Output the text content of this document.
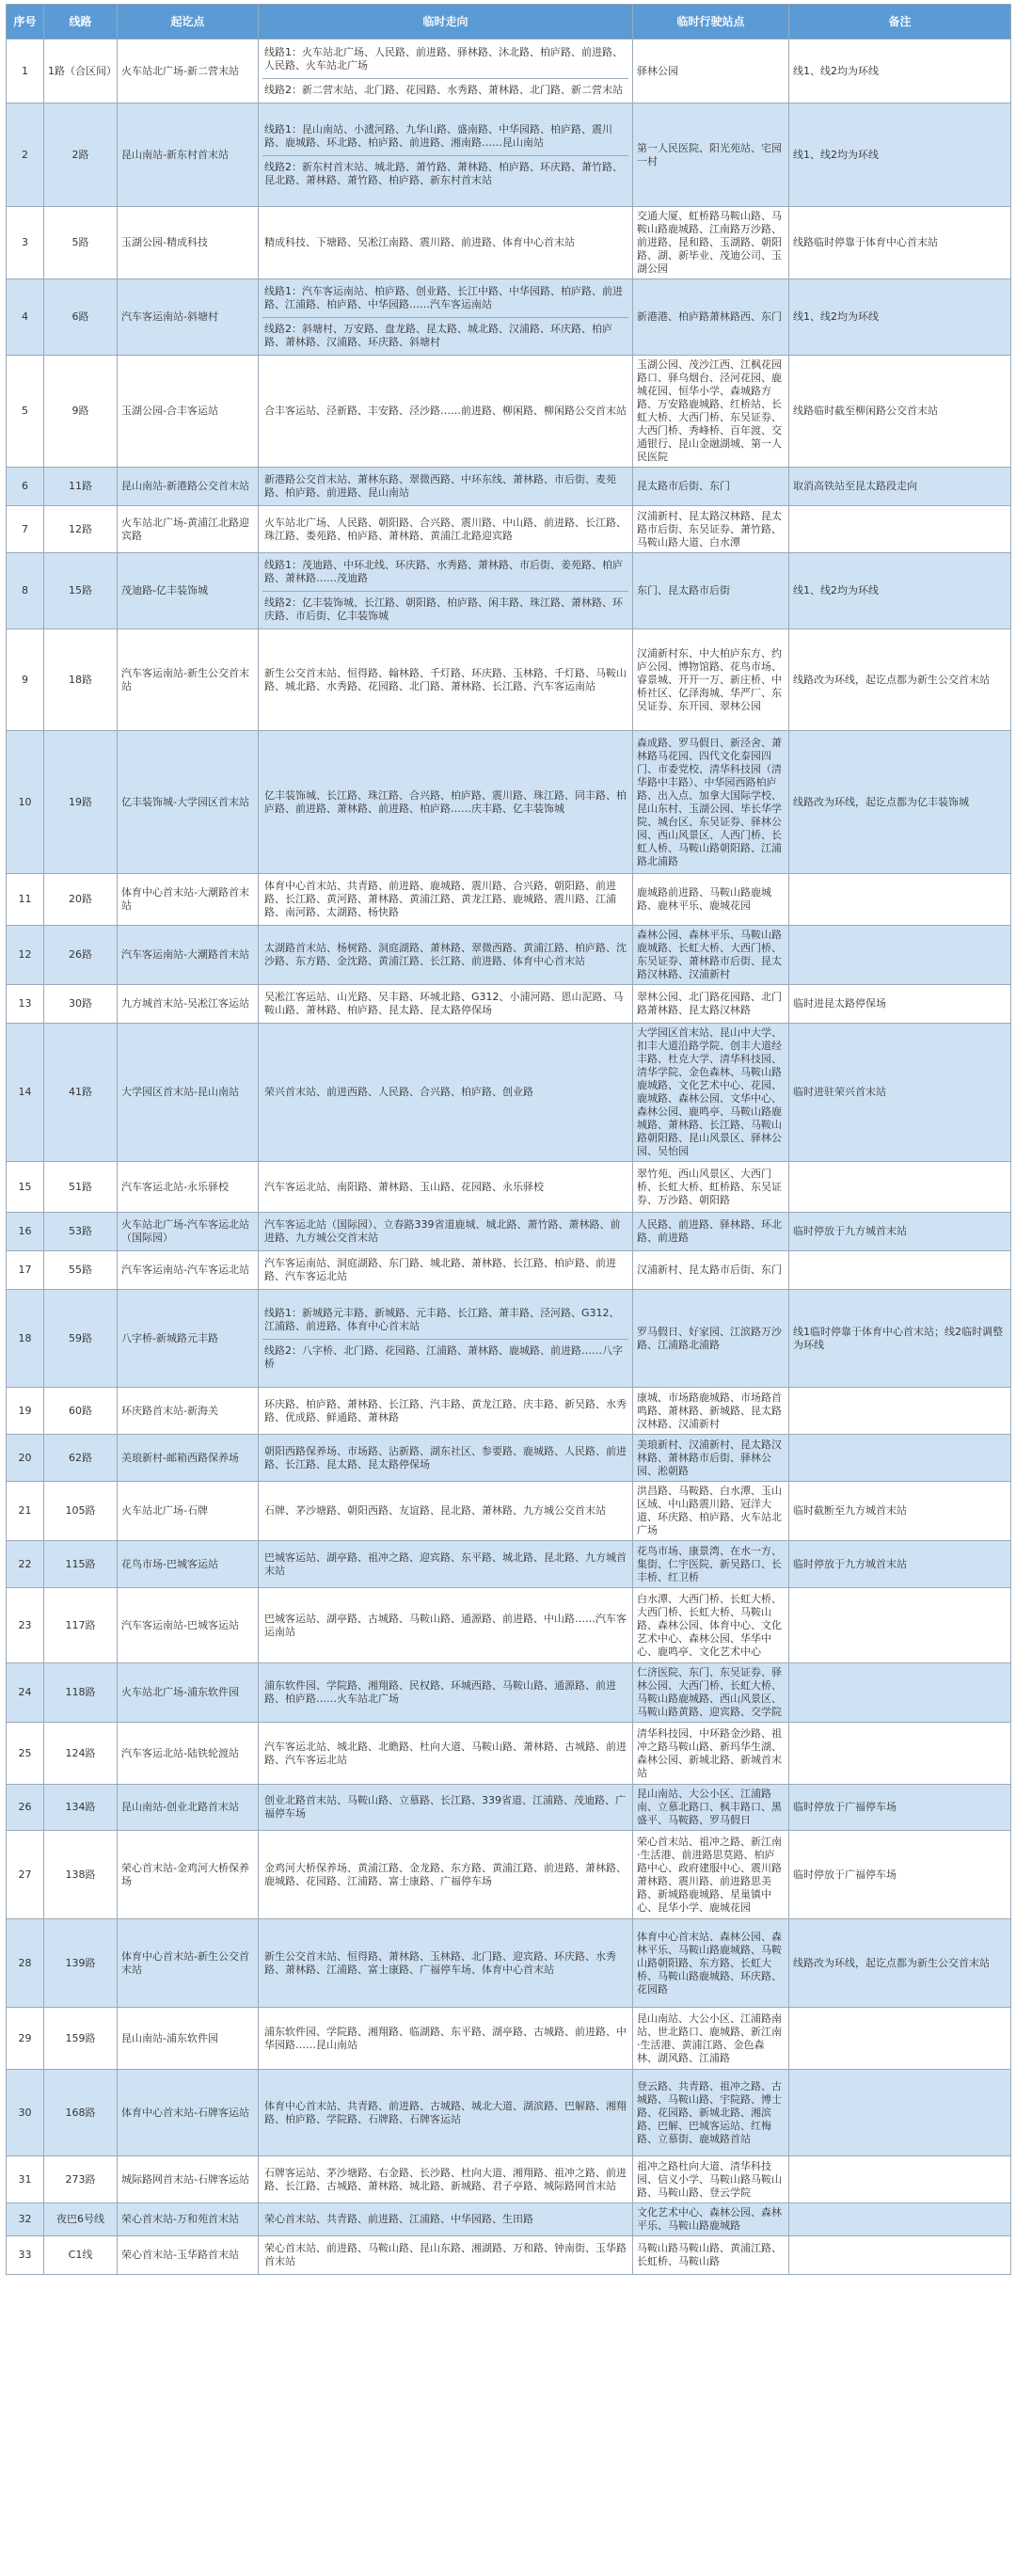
序号	线路	起讫点	临时走向	临时行驶站点	备注
1	1路（合区间）	火车站北广场-新二营末站	线路1：火车站北广场、人民路、前进路、驿林路、沐北路、柏庐路、前进路、人民路、火车站北广场
线路2：新二营末站、北门路、花园路、水秀路、萧林路、北门路、新二营末站	驿林公园	线1、线2均为环线
2	2路	昆山南站-新东村首末站	线路1：昆山南站、小澞河路、九华山路、盛南路、中华园路、柏庐路、震川路、鹿城路、环北路、柏庐路、前进路、湘南路……昆山南站
线路2：新东村首末站、城北路、萧竹路、萧林路、柏庐路、环庆路、萧竹路、昆北路、萧林路、萧竹路、柏庐路、新东村首末站	第一人民医院、阳光苑站、宅园一村	线1、线2均为环线
3	5路	玉湖公园-精成科技	精成科技、下塘路、吴凇江南路、震川路、前进路、体育中心首末站	交通大厦、虹桥路马鞍山路、马鞍山路鹿城路、江南路万沙路、前进路、昆和路、玉湖路、朝阳路、湖、新毕业、茂迪公司、玉湖公园	线路临时停靠于体育中心首末站
4	6路	汽车客运南站-斜塘村	线路1：汽车客运南站、柏庐路、创业路、长江中路、中华园路、柏庐路、前进路、江浦路、柏庐路、中华园路……汽车客运南站
线路2：斜塘村、万安路、盘龙路、昆太路、城北路、汉浦路、环庆路、柏庐路、萧林路、汉浦路、环庆路、斜塘村	新港港、柏庐路萧林路西、东门	线1、线2均为环线
5	9路	玉湖公园-合丰客运站	合丰客运站、泾新路、丰安路、泾沙路……前进路、柳闲路、柳闲路公交首末站	玉湖公园、茂沙江西、江枫花园路口、驿乌烟台、泾河花园、鹿城花园、恒华小学、森城路方路、万安路鹿城路、红桥站、长虹大桥、大西门桥、东吴证券、大西门桥、秀峰桥、百年渡、交通银行、昆山金融湖城、第一人民医院	线路临时截至柳闲路公交首末站
6	11路	昆山南站-新港路公交首末站	新港路公交首末站、萧林东路、翠微西路、中环东线、萧林路、市后街、麦苑路、柏庐路、前进路、昆山南站	昆太路市后街、东门	取消高铁站至昆太路段走向
7	12路	火车站北广场-黄浦江北路迎宾路	火车站北广场、人民路、朝阳路、合兴路、震川路、中山路、前进路、长江路、珠江路、娄苑路、柏庐路、萧林路、黄浦江北路迎宾路	汉浦新村、昆太路汉林路、昆太路市后街、东吴证券、萧竹路、马鞍山路大道、白水潭	
8	15路	茂迪路-亿丰装饰城	线路1：茂迪路、中环北线、环庆路、水秀路、萧林路、市后街、姜苑路、柏庐路、萧林路……茂迪路
线路2：亿丰装饰城、长江路、朝阳路、柏庐路、闲丰路、珠江路、萧林路、环庆路、市后街、亿丰装饰城	东门、昆太路市后街	线1、线2均为环线
9	18路	汽车客运南站-新生公交首末站	新生公交首末站、恒得路、翰林路、千灯路、环庆路、玉林路、千灯路、马鞍山路、城北路、水秀路、花园路、北门路、萧林路、长江路、汽车客运南站	汉浦新村东、中大柏庐东方、约庐公园、博物馆路、花鸟市场、睿景城、开开一万、新庄桥、中桥社区、亿泽海城、华严厂、东吴证券、东开园、翠林公园	线路改为环线，起讫点都为新生公交首末站
10	19路	亿丰装饰城-大学园区首末站	亿丰装饰城、长江路、珠江路、合兴路、柏庐路、震川路、珠江路、同丰路、柏庐路、前进路、萧林路、前进路、柏庐路……庆丰路、亿丰装饰城	森成路、罗马假日、新泾舍、萧林路马花园、四代文化泰园四门、市委党校、清华科技园（清华路中丰路）、中华园西路柏庐路、出入点、加拿大国际学校、昆山东村、玉湖公园、毕长华学院、城台区、东吴证券、驿林公园、西山风景区、人西门桥、长虹人桥、马鞍山路朝阳路、江浦路北浦路	线路改为环线，起讫点都为亿丰装饰城
11	20路	体育中心首末站-大潮路首末站	体育中心首末站、共青路、前进路、鹿城路、震川路、合兴路、朝阳路、前进路、长江路、黄河路、萧林路、黄浦江路、黄龙江路、鹿城路、震川路、江浦路、南河路、太湖路、杨快路	鹿城路前进路、马鞍山路鹿城路、鹿林平乐、鹿城花园	
12	26路	汽车客运南站-大潮路首末站	太湖路首末站、杨树路、洞庭湖路、萧林路、翠微西路、黄浦江路、柏庐路、沈沙路、东方路、金沈路、黄浦江路、长江路、前进路、体育中心首末站	森林公园、森林平乐、马鞍山路鹿城路、长虹大桥、大西门桥、东吴证券、萧林路市后街、昆太路汉林路、汉浦新村	
13	30路	九方城首末站-吴凇江客运站	吴凇江客运站、山光路、吴丰路、环城北路、G312、小浦河路、恩山泥路、马鞍山路、萧林路、柏庐路、昆太路、昆太路停保场	翠林公园、北门路花园路、北门路萧林路、昆太路汉林路	临时进昆太路停保场
14	41路	大学园区首末站-昆山南站	荣兴首末站、前进西路、人民路、合兴路、柏庐路、创业路	大学园区首末站、昆山中大学、扣丰大道沿路学院、创丰大道经丰路、杜克大学、清华科技园、清华学院、金色森林、马鞍山路鹿城路、文化艺术中心、花园、鹿城路、森林公园、文华中心、森林公园、鹿鸣亭、马鞍山路鹿城路、萧林路、长江路、马鞍山路朝阳路、昆山风景区、驿林公园、吴怡园	临时进驻荣兴首末站
15	51路	汽车客运北站-永乐驿校	汽车客运北站、南阳路、萧林路、玉山路、花园路、永乐驿校	翠竹苑、西山风景区、大西门桥、长虹大桥、虹桥路、东吴证券、万沙路、朝阳路	
16	53路	火车站北广场-汽车客运北站（国际园）	汽车客运北站（国际园）、立春路339省道鹿城、城北路、萧竹路、萧林路、前进路、九方城公交首末站	人民路、前进路、驿林路、环北路、前进路	临时停放于九方城首末站
17	55路	汽车客运南站-汽车客运北站	汽车客运南站、洞庭湖路、东门路、城北路、萧林路、长江路、柏庐路、前进路、汽车客运北站	汉浦新村、昆太路市后街、东门	
18	59路	八字桥-新城路元丰路	线路1：新城路元丰路、新城路、元丰路、长江路、萧丰路、泾河路、G312、江浦路、前进路、体育中心首末站
线路2：八字桥、北门路、花园路、江浦路、萧林路、鹿城路、前进路……八字桥	罗马假日、好家园、江滨路万沙路、江浦路北浦路	线1临时停靠于体育中心首末站；线2临时调整为环线
19	60路	环庆路首末站-新海关	环庆路、柏庐路、萧林路、长江路、汽丰路、黄龙江路、庆丰路、新吴路、水秀路、优成路、鲜通路、萧林路	康城、市场路鹿城路、市场路首鸣路、萧林路、新城路、昆太路汉林路、汉浦新村	
20	62路	美琅新村-邮箱西路保养场	朝阳西路保养场、市场路、沾新路、湖东社区、参要路、鹿城路、人民路、前进路、长江路、昆太路、昆太路停保场	美琅新村、汉浦新村、昆太路汉林路、萧林路市后街、驿林公园、淞朝路	
21	105路	火车站北广场-石牌	石牌、茅沙塘路、朝阳西路、友谊路、昆北路、萧林路、九方城公交首末站	洪昌路、马鞍路、白水潭、玉山区域、中山路震川路、冠洋大道、环庆路、柏庐路、火车站北广场	临时截断至九方城首末站
22	115路	花鸟市场-巴城客运站	巴城客运站、湖亭路、祖冲之路、迎宾路、东平路、城北路、昆北路、九方城首末站	花鸟市场、康景湾、在水一方、集街、仁宇医院、新吴路口、长丰桥、红卫桥	临时停放于九方城首末站
23	117路	汽车客运南站-巴城客运站	巴城客运站、湖亭路、古城路、马鞍山路、通源路、前进路、中山路……汽车客运南站	白水潭、大西门桥、长虹大桥、大西门桥、长虹大桥、马鞍山路、森林公园、体育中心、文化艺术中心、森林公园、华华中心、鹿鸣亭、文化艺术中心	
24	118路	火车站北广场-浦东软件园	浦东软件园、学院路、湘翔路、民权路、环城西路、马鞍山路、通源路、前进路、柏庐路……火车站北广场	仁济医院、东门、东吴证券、驿林公园、大西门桥、长虹大桥、马鞍山路鹿城路、西山风景区、马鞍山路黄路、迎宾路、交学院	
25	124路	汽车客运北站-陆铁轮渡站	汽车客运北站、城北路、北瞻路、杜向大道、马鞍山路、萧林路、古城路、前进路、汽车客运北站	清华科技园、中环路金沙路、祖冲之路马鞍山路、新玛华生湖、森林公园、新城北路、新城首末站	
26	134路	昆山南站-创业北路首末站	创业北路首末站、马鞍山路、立慕路、长江路、339省道、江浦路、茂迪路、广福停车场	昆山南站、大公小区、江浦路南、立慕北路口、枫丰路口、黑盛平、马鞍路、罗马假日	临时停放于广福停车场
27	138路	荣心首末站-金鸡河大桥保养场	金鸡河大桥保养场、黄浦江路、金龙路、东方路、黄浦江路、前进路、萧林路、鹿城路、花园路、江浦路、富士康路、广福停车场	荣心首末站、祖冲之路、新江南·生活港、前进路思莫路、柏庐路中心、政府建服中心、震川路萧林路、震川路、前进路思美路、新城路鹿城路、星巢镇中心、昆华小学、鹿城花园	临时停放于广福停车场
28	139路	体育中心首末站-新生公交首末站	新生公交首末站、恒得路、萧林路、玉林路、北门路、迎宾路、环庆路、水秀路、萧林路、江浦路、富士康路、广福停车场、体育中心首末站	体育中心首末站、森林公园、森林平乐、马鞍山路鹿城路、马鞍山路朝阳路、东方路、长虹大桥、马鞍山路鹿城路、环庆路、花园路	线路改为环线，起讫点都为新生公交首末站
29	159路	昆山南站-浦东软件园	浦东软件园、学院路、湘翔路、临湖路、东平路、湖亭路、古城路、前进路、中华园路……昆山南站	昆山南站、大公小区、江浦路南站、世北路口、鹿城路、新江南·生活港、黄浦江路、金色森林、湖风路、江浦路	
30	168路	体育中心首末站-石牌客运站	体育中心首末站、共青路、前进路、古城路、城北大道、湖滨路、巴解路、湘翔路、柏庐路、学院路、石牌路、石牌客运站	登云路、共青路、祖冲之路、古城路、马鞍山路、宇院路、博士路、花园路、新城北路、湘滨路、巴解、巴城客运站、红梅路、立慕街、鹿城路首站	
31	273路	城际路网首末站-石牌客运站	石牌客运站、茅沙塘路、右金路、长沙路、杜向大道、湘翔路、祖冲之路、前进路、长江路、古城路、萧林路、城北路、新城路、君子亭路、城际路网首末站	祖冲之路杜向大道、清华科技园、信义小学、马鞍山路马鞍山路、马鞍山路、登云学院	
32	夜巴6号线	荣心首末站-万和苑首末站	荣心首末站、共青路、前进路、江浦路、中华园路、生田路	文化艺术中心、森林公园、森林平乐、马鞍山路鹿城路	
33	C1线	荣心首末站-玉华路首末站	荣心首末站、前进路、马鞍山路、昆山东路、湘湖路、万和路、钟南街、玉华路首末站	马鞍山路马鞍山路、黄浦江路、长虹桥、马鞍山路	
